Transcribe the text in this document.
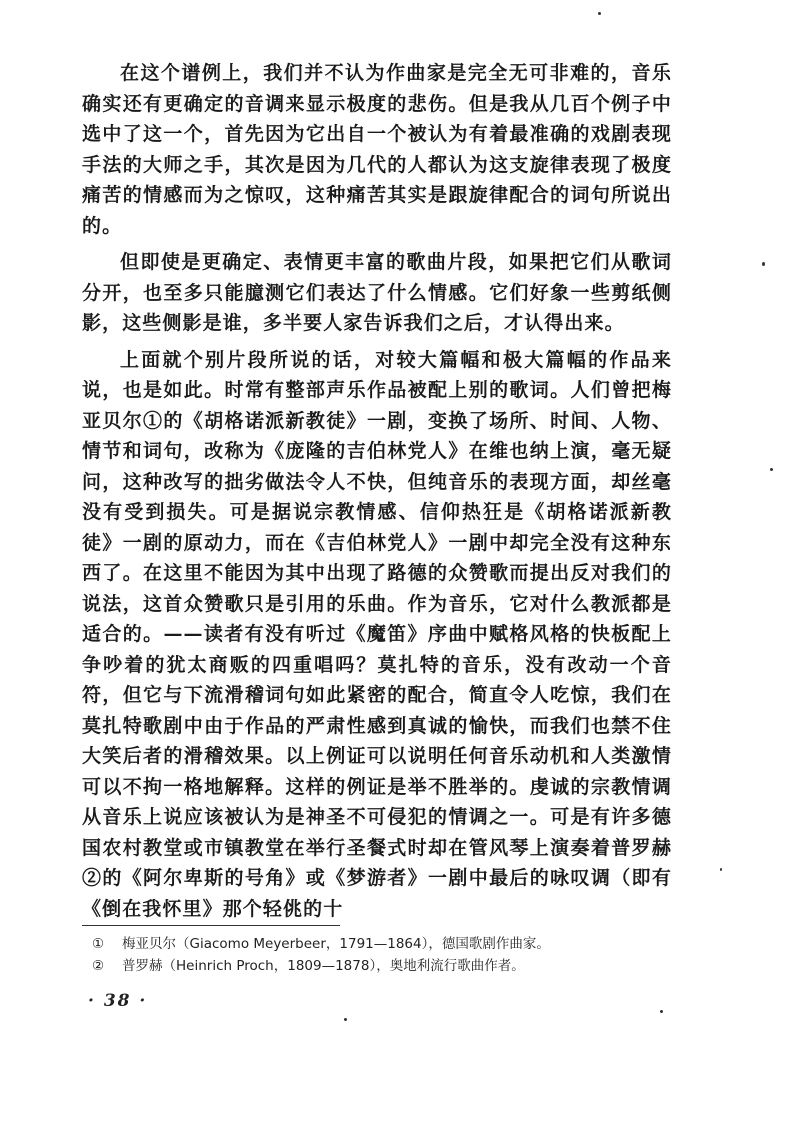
在这个谱例上，我们并不认为作曲家是完全无可非难的，音乐确实还有更确定的音调来显示极度的悲伤。但是我从几百个例子中选中了这一个，首先因为它出自一个被认为有着最准确的戏剧表现手法的大师之手，其次是因为几代的人都认为这支旋律表现了极度痛苦的情感而为之惊叹，这种痛苦其实是跟旋律配合的词句所说出的。

但即使是更确定、表情更丰富的歌曲片段，如果把它们从歌词分开，也至多只能臆测它们表达了什么情感。它们好象一些剪纸侧影，这些侧影是谁，多半要人家告诉我们之后，才认得出来。

上面就个别片段所说的话，对较大篇幅和极大篇幅的作品来说，也是如此。时常有整部声乐作品被配上别的歌词。人们曾把梅亚贝尔①的《胡格诺派新教徒》一剧，变换了场所、时间、人物、情节和词句，改称为《庞隆的吉伯林党人》在维也纳上演，毫无疑问，这种改写的拙劣做法令人不快，但纯音乐的表现方面，却丝毫没有受到损失。可是据说宗教情感、信仰热狂是《胡格诺派新教徒》一剧的原动力，而在《吉伯林党人》一剧中却完全没有这种东西了。在这里不能因为其中出现了路德的众赞歌而提出反对我们的说法，这首众赞歌只是引用的乐曲。作为音乐，它对什么教派都是适合的。——读者有没有听过《魔笛》序曲中赋格风格的快板配上争吵着的犹太商贩的四重唱吗？莫扎特的音乐，没有改动一个音符，但它与下流滑稽词句如此紧密的配合，简直令人吃惊，我们在莫扎特歌剧中由于作品的严肃性感到真诚的愉快，而我们也禁不住大笑后者的滑稽效果。以上例证可以说明任何音乐动机和人类激情可以不拘一格地解释。这样的例证是举不胜举的。虔诚的宗教情调从音乐上说应该被认为是神圣不可侵犯的情调之一。可是有许多德国农村教堂或市镇教堂在举行圣餐式时却在管风琴上演奏着普罗赫②的《阿尔卑斯的号角》或《梦游者》一剧中最后的咏叹调（即有《倒在我怀里》那个轻佻的十

① 梅亚贝尔（Giacomo Meyerbeer，1791—1864），德国歌剧作曲家。
② 普罗赫（Heinrich Proch，1809—1878），奥地利流行歌曲作者。
· 38 ·
